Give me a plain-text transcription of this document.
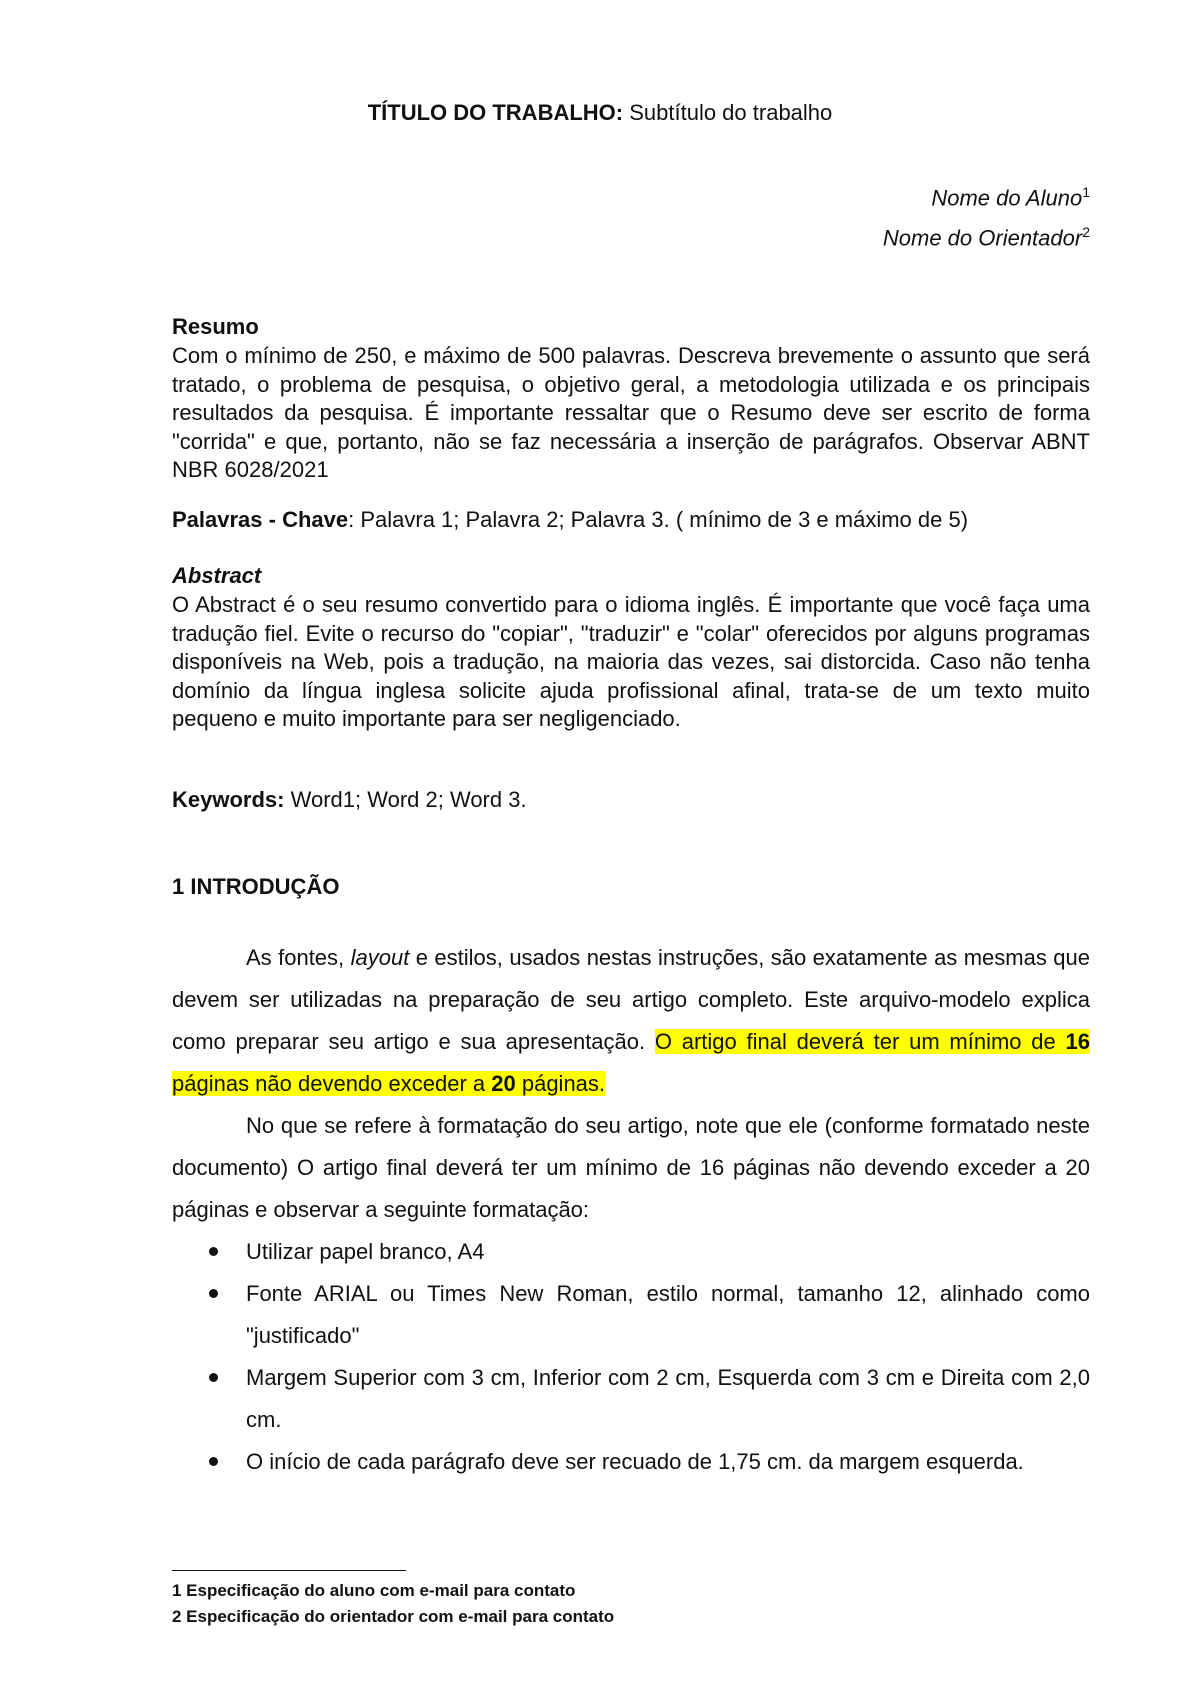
TÍTULO DO TRABALHO: Subtítulo do trabalho
Nome do Aluno$^1$
Nome do Orientador$^2$
Resumo

Com o mínimo de 250, e máximo de 500 palavras. Descreva brevemente o assunto que será tratado, o problema de pesquisa, o objetivo geral, a metodologia utilizada e os principais resultados da pesquisa. É importante ressaltar que o Resumo deve ser escrito de forma "corrida" e que, portanto, não se faz necessária a inserção de parágrafos. Observar ABNT NBR 6028/2021

Palavras - Chave: Palavra 1; Palavra 2; Palavra 3. ( mínimo de 3 e máximo de 5)

Abstract

O Abstract é o seu resumo convertido para o idioma inglês. É importante que você faça uma tradução fiel. Evite o recurso do "copiar", "traduzir" e "colar" oferecidos por alguns programas disponíveis na Web, pois a tradução, na maioria das vezes, sai distorcida. Caso não tenha domínio da língua inglesa solicite ajuda profissional afinal, trata-se de um texto muito pequeno e muito importante para ser negligenciado.

Keywords: Word1; Word 2; Word 3.

1 INTRODUÇÃO

As fontes, layout e estilos, usados nestas instruções, são exatamente as mesmas que devem ser utilizadas na preparação de seu artigo completo. Este arquivo-modelo explica como preparar seu artigo e sua apresentação. O artigo final deverá ter um mínimo de 16 páginas não devendo exceder a 20 páginas.

No que se refere à formatação do seu artigo, note que ele (conforme formatado neste documento) O artigo final deverá ter um mínimo de 16 páginas não devendo exceder a 20 páginas e observar a seguinte formatação:

Utilizar papel branco, A4
Fonte ARIAL ou Times New Roman, estilo normal, tamanho 12, alinhado como "justificado"
Margem Superior com 3 cm, Inferior com 2 cm, Esquerda com 3 cm e Direita com 2,0 cm.
O início de cada parágrafo deve ser recuado de 1,75 cm. da margem esquerda.
1 Especificação do aluno com e-mail para contato
2 Especificação do orientador com e-mail para contato
